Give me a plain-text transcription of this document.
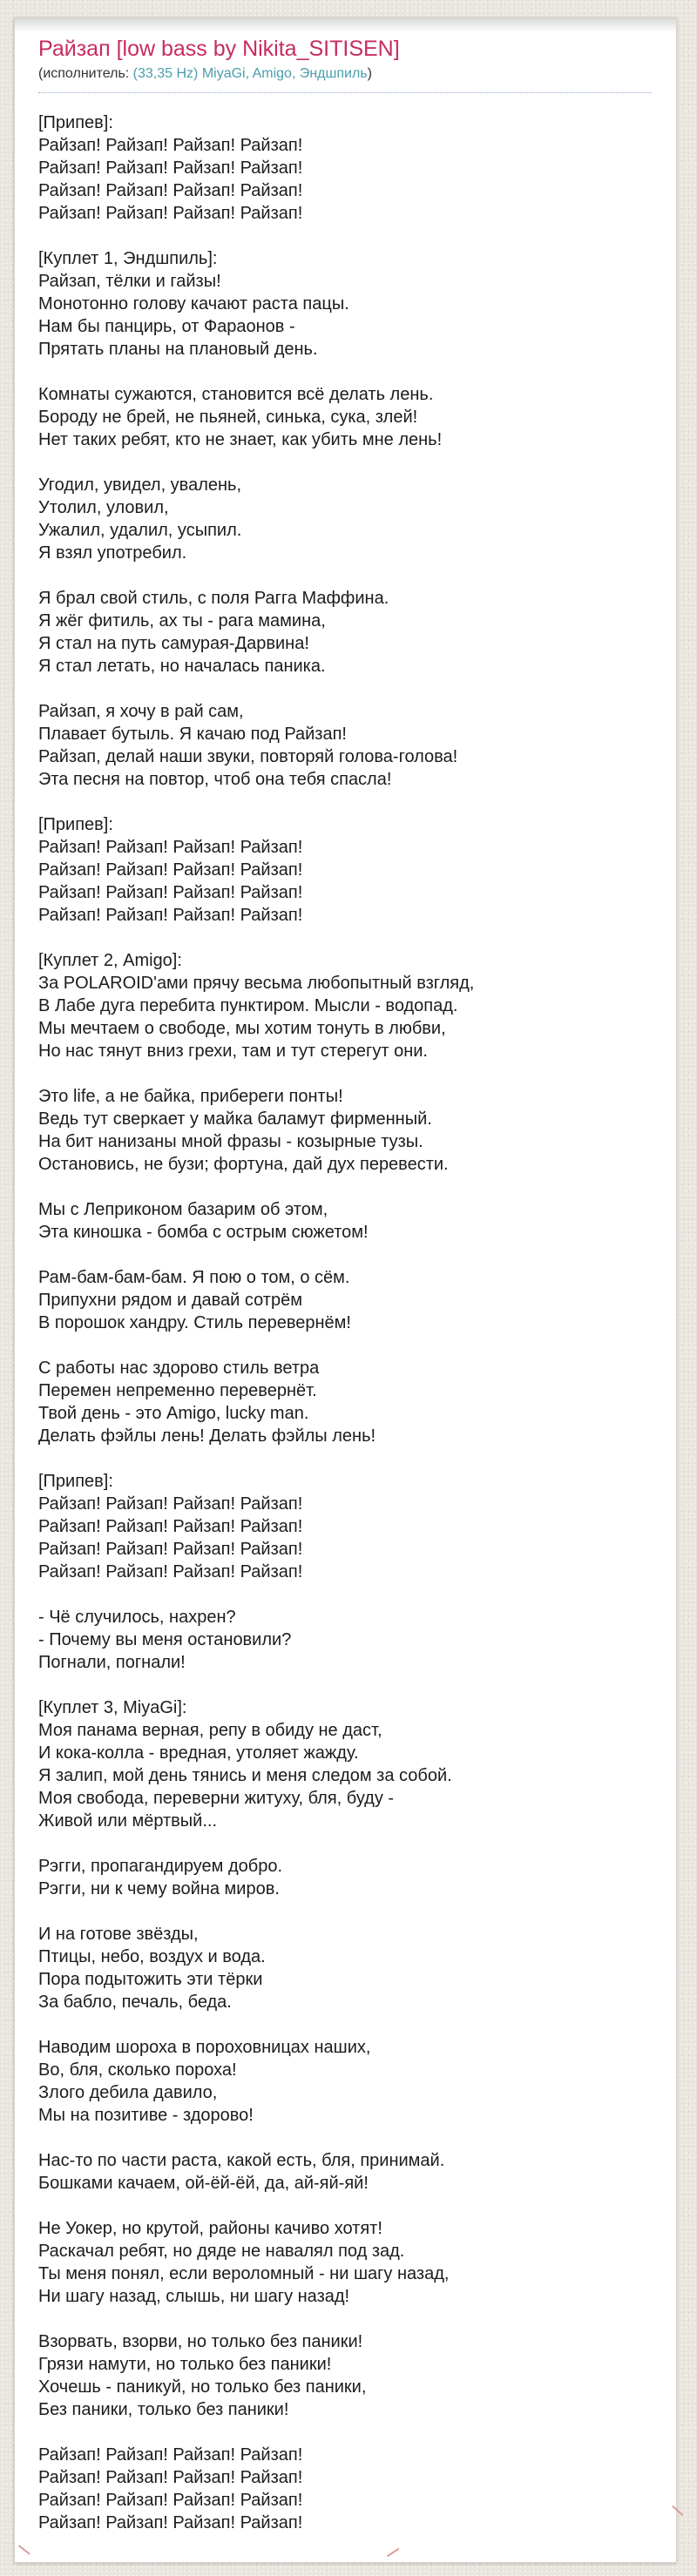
Райзап [low bass by Nikita_SITISEN]
(исполнитель: (33,35 Hz) MiyaGi, Amigo, Эндшпиль)
[Припев]:
Райзап! Райзап! Райзап! Райзап!
Райзап! Райзап! Райзап! Райзап!
Райзап! Райзап! Райзап! Райзап!
Райзап! Райзап! Райзап! Райзап!
[Куплет 1, Эндшпиль]:
Райзап, тёлки и гайзы!
Монотонно голову качают раста пацы.
Нам бы панцирь, от Фараонов -
Прятать планы на плановый день.
Комнаты сужаются, становится всё делать лень.
Бороду не брей, не пьяней, синька, сука, злей!
Нет таких ребят, кто не знает, как убить мне лень!
Угодил, увидел, увалень,
Утолил, уловил,
Ужалил, удалил, усыпил.
Я взял употребил.
Я брал свой стиль, с поля Рагга Маффина.
Я жёг фитиль, ах ты - рага мамина,
Я стал на путь самурая-Дарвина!
Я стал летать, но началась паника.
Райзап, я хочу в рай сам,
Плавает бутыль. Я качаю под Райзап!
Райзап, делай наши звуки, повторяй голова-голова!
Эта песня на повтор, чтоб она тебя спасла!
[Припев]:
Райзап! Райзап! Райзап! Райзап!
Райзап! Райзап! Райзап! Райзап!
Райзап! Райзап! Райзап! Райзап!
Райзап! Райзап! Райзап! Райзап!
[Куплет 2, Amigo]:
За POLAROID'ами прячу весьма любопытный взгляд,
В Лабе дуга перебита пунктиром. Мысли - водопад.
Мы мечтаем о свободе, мы хотим тонуть в любви,
Но нас тянут вниз грехи, там и тут стерегут они.
Это life, а не байка, прибереги понты!
Ведь тут сверкает у майка баламут фирменный.
На бит нанизаны мной фразы - козырные тузы.
Остановись, не бузи; фортуна, дай дух перевести.
Мы с Леприконом базарим об этом,
Эта киношка - бомба с острым сюжетом!
Рам-бам-бам-бам. Я пою о том, о сём.
Припухни рядом и давай сотрём
В порошок хандру. Стиль перевернём!
С работы нас здорово стиль ветра
Перемен непременно перевернёт.
Твой день - это Amigo, lucky man.
Делать фэйлы лень! Делать фэйлы лень!
[Припев]:
Райзап! Райзап! Райзап! Райзап!
Райзап! Райзап! Райзап! Райзап!
Райзап! Райзап! Райзап! Райзап!
Райзап! Райзап! Райзап! Райзап!
- Чё случилось, нахрен?
- Почему вы меня остановили?
Погнали, погнали!
[Куплет 3, MiyaGi]:
Моя панама верная, репу в обиду не даст,
И кока-колла - вредная, утоляет жажду.
Я залип, мой день тянись и меня следом за собой.
Моя свобода, переверни житуху, бля, буду -
Живой или мёртвый...
Рэгги, пропагандируем добро.
Рэгги, ни к чему война миров.
И на готове звёзды,
Птицы, небо, воздух и вода.
Пора подытожить эти тёрки
За бабло, печаль, беда.
Наводим шороха в пороховницах наших,
Во, бля, сколько пороха!
Злого дебила давило,
Мы на позитиве - здорово!
Нас-то по части раста, какой есть, бля, принимай.
Бошками качаем, ой-ёй-ёй, да, ай-яй-яй!
Не Уокер, но крутой, районы качиво хотят!
Раскачал ребят, но дяде не навалял под зад.
Ты меня понял, если вероломный - ни шагу назад,
Ни шагу назад, слышь, ни шагу назад!
Взорвать, взорви, но только без паники!
Грязи намути, но только без паники!
Хочешь - паникуй, но только без паники,
Без паники, только без паники!
Райзап! Райзап! Райзап! Райзап!
Райзап! Райзап! Райзап! Райзап!
Райзап! Райзап! Райзап! Райзап!
Райзап! Райзап! Райзап! Райзап!
